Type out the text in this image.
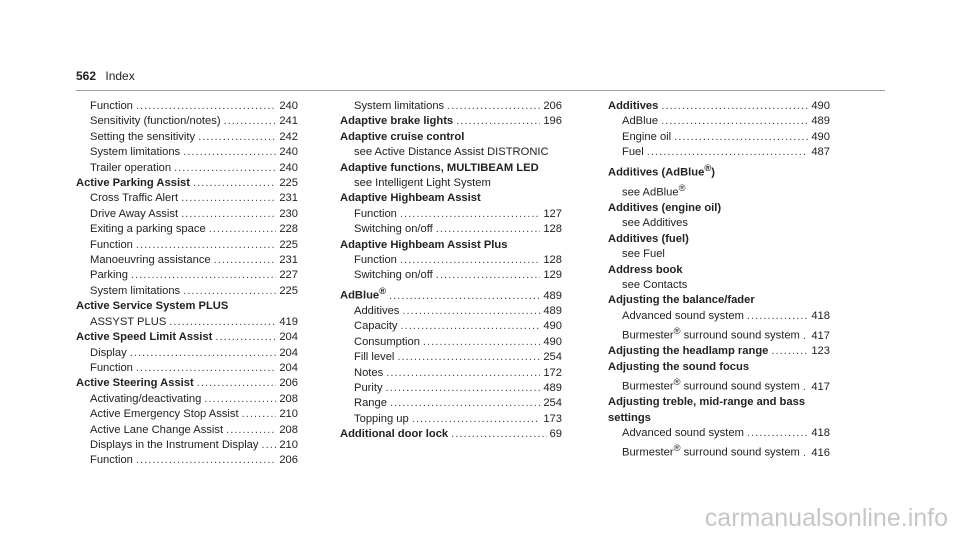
562 Index
Function .....	240
Sensitivity (function/notes) .....	241
Setting the sensitivity .....	242
System limitations .....	240
Trailer operation .....	240
Active Parking Assist .....	225
Cross Traffic Alert .....	231
Drive Away Assist .....	230
Exiting a parking space .....	228
Function .....	225
Manoeuvring assistance .....	231
Parking .....	227
System limitations .....	225
Active Service System PLUS
ASSYST PLUS .....	419
Active Speed Limit Assist .....	204
Display .....	204
Function .....	204
Active Steering Assist .....	206
Activating/deactivating .....	208
Active Emergency Stop Assist .....	210
Active Lane Change Assist .....	208
Displays in the Instrument Display ..... 210
Function .....	206
System limitations .....	206
Adaptive brake lights .....	196
Adaptive cruise control
see Active Distance Assist DISTRONIC
Adaptive functions, MULTIBEAM LED
see Intelligent Light System
Adaptive Highbeam Assist
Function .....	127
Switching on/off .....	128
Adaptive Highbeam Assist Plus
Function .....	128
Switching on/off .....	129
AdBlue® .....	489
Additives .....	489
Capacity .....	490
Consumption .....	490
Fill level .....	254
Notes .....	172
Purity .....	489
Range .....	254
Topping up .....	173
Additional door lock .....	69
Additives .....	490
AdBlue .....	489
Engine oil .....	490
Fuel .....	487
Additives (AdBlue®)
see AdBlue®
Additives (engine oil)
see Additives
Additives (fuel)
see Fuel
Address book
see Contacts
Adjusting the balance/fader
Advanced sound system .....	418
Burmester® surround sound system ..... 417
Adjusting the headlamp range .....	123
Adjusting the sound focus
Burmester® surround sound system ..... 417
Adjusting treble, mid-range and bass settings
Advanced sound system .....	418
Burmester® surround sound system ..... 416
carmanualsonline.info
